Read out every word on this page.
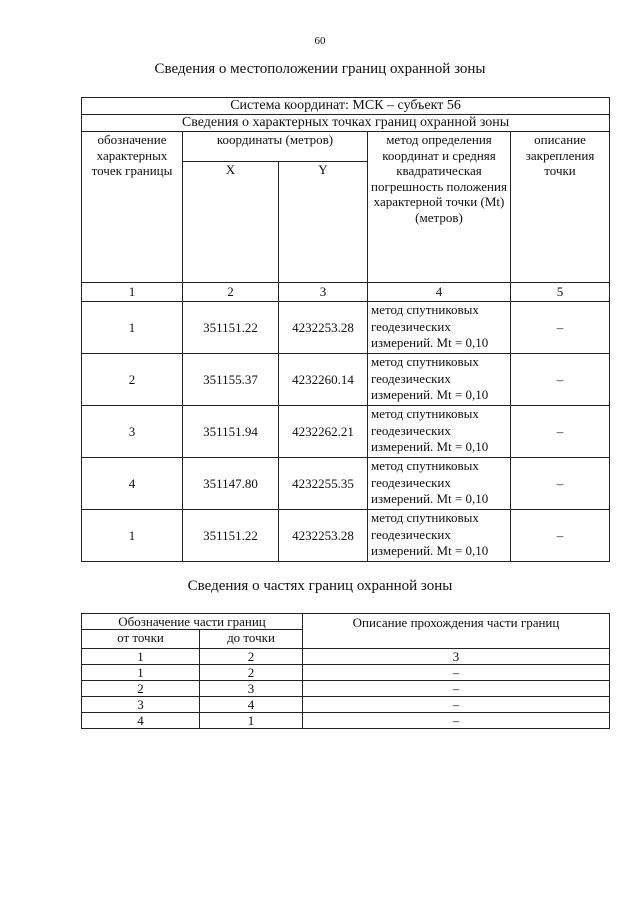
60
Сведения о местоположении границ охранной зоны
Система координат: МСК – субъект 56				
Сведения о характерных точках границ охранной зоны				
обозначение характерных точек границы	координаты (метров)		метод определения координат и средняя квадратическая погрешность положения характерной точки (Mt) (метров)	описание закрепления точки
	X	Y		
1	2	3	4	5
1	351151.22	4232253.28	метод спутниковых геодезических измерений. Mt = 0,10	–
2	351155.37	4232260.14	метод спутниковых геодезических измерений. Mt = 0,10	–
3	351151.94	4232262.21	метод спутниковых геодезических измерений. Mt = 0,10	–
4	351147.80	4232255.35	метод спутниковых геодезических измерений. Mt = 0,10	–
1	351151.22	4232253.28	метод спутниковых геодезических измерений. Mt = 0,10	–
Сведения о частях границ охранной зоны
Обозначение части границ		Описание прохождения части границ
от точки	до точки	
1	2	3
1	2	–
2	3	–
3	4	–
4	1	–
